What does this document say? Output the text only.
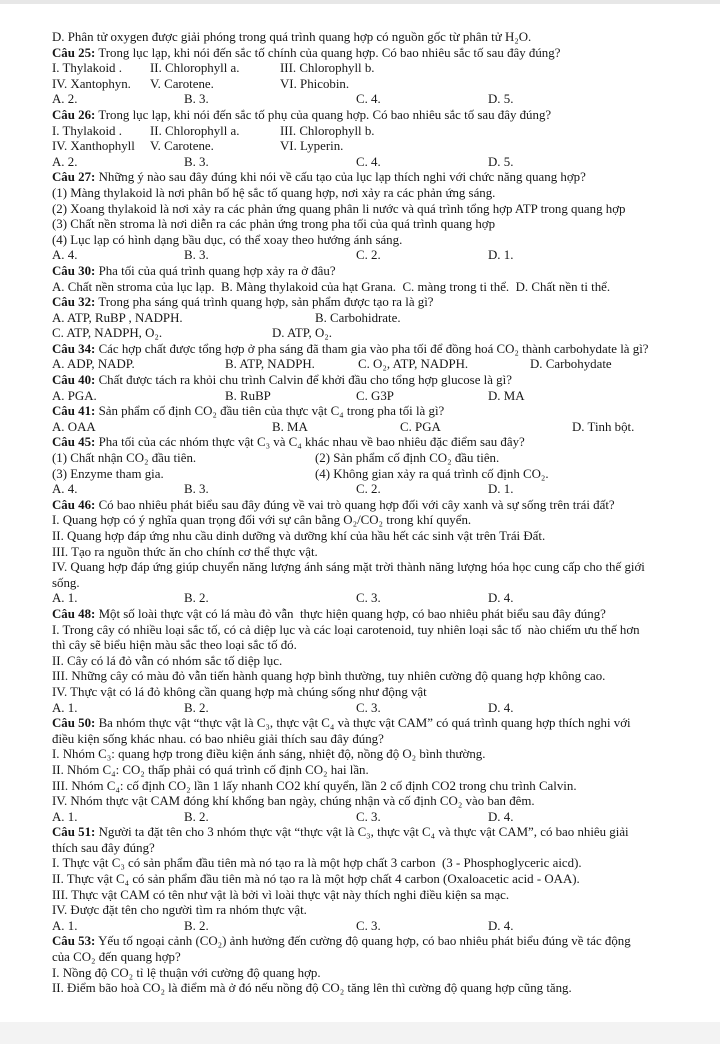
D. Phân tử oxygen được giải phóng trong quá trình quang hợp có nguồn gốc từ phân tử H₂O.
Câu 25: Trong lục lạp, khi nói đến sắc tố chính của quang hợp. Có bao nhiêu sắc tố sau đây đúng?
I. Thylakoid . II. Chlorophyll a.	III. Chlorophyll b.
IV. Xantophyn. V. Carotene.	VI. Phicobin.
A. 2.	B. 3.	C. 4.	D. 5.
Câu 26: Trong lục lạp, khi nói đến sắc tố phụ của quang hợp. Có bao nhiêu sắc tố sau đây đúng?
I. Thylakoid . II. Chlorophyll a.	III. Chlorophyll b.
IV. Xanthophyll V. Carotene.	VI. Lyperin.
A. 2.	B. 3.	C. 4.	D. 5.
Câu 27: Những ý nào sau đây đúng khi nói về cấu tạo của lục lạp thích nghi với chức năng quang hợp?
(1) Màng thylakoid là nơi phân bố hệ sắc tố quang hợp, nơi xảy ra các phản ứng sáng.
(2) Xoang thylakoid là nơi xảy ra các phản ứng quang phân li nước và quá trình tổng hợp ATP trong quang hợp
(3) Chất nền stroma là nơi diễn ra các phản ứng trong pha tối của quá trình quang hợp
(4) Lục lạp có hình dạng bầu dục, có thể xoay theo hướng ánh sáng.
A. 4.	B. 3.	C. 2.	D. 1.
Câu 30: Pha tối của quá trình quang hợp xảy ra ở đâu?
A. Chất nền stroma của lục lạp.  B. Màng thylakoid của hạt Grana.  C. màng trong ti thể.  D. Chất nền ti thể.
Câu 32: Trong pha sáng quá trình quang hợp, sản phẩm được tạo ra là gì?
A. ATP, RuBP , NADPH.	B. Carbohidrate.
C. ATP, NADPH, O₂.	D. ATP, O₂.
Câu 34: Các hợp chất được tổng hợp ở pha sáng đã tham gia vào pha tối để đồng hoá CO₂ thành carbohydate là gì?
A. ADP, NADP.	B. ATP, NADPH.	C. O₂, ATP, NADPH.	D. Carbohydate
Câu 40: Chất được tách ra khỏi chu trình Calvin để khởi đầu cho tổng hợp glucose là gì?
A. PGA.	B. RuBP	C. G3P	D. MA
Câu 41: Sản phẩm cố định CO₂ đầu tiên của thực vật C₄ trong pha tối là gì?
A. OAA	B. MA	C. PGA	D. Tinh bột.
Câu 45: Pha tối của các nhóm thực vật C₃ và C₄ khác nhau về bao nhiêu đặc điểm sau đây?
(1) Chất nhận CO₂ đầu tiên.	(2) Sản phẩm cố định CO₂ đầu tiên.
(3) Enzyme tham gia.	(4) Không gian xảy ra quá trình cố định CO₂.
A. 4.	B. 3.	C. 2.	D. 1.
Câu 46: Có bao nhiêu phát biểu sau đây đúng về vai trò quang hợp đối với cây xanh và sự sống trên trái đất?
I. Quang hợp có ý nghĩa quan trọng đối với sự cân bằng O₂/CO₂ trong khí quyển.
II. Quang hợp đáp ứng nhu cầu dinh dưỡng và dưỡng khí của hầu hết các sinh vật trên Trái Đất.
III. Tạo ra nguồn thức ăn cho chính cơ thể thực vật.
IV. Quang hợp đáp ứng giúp chuyển năng lượng ánh sáng mặt trời thành năng lượng hóa học cung cấp cho thế giới
sống.
A. 1.	B. 2.	C. 3.	D. 4.
Câu 48: Một số loài thực vật có lá màu đỏ vẫn  thực hiện quang hợp, có bao nhiêu phát biểu sau đây đúng?
I. Trong cây có nhiều loại sắc tố, có cả diệp lục và các loại carotenoid, tuy nhiên loại sắc tố  nào chiếm ưu thế hơn
thì cây sẽ biểu hiện màu sắc theo loại sắc tố đó.
II. Cây có lá đỏ vẫn có nhóm sắc tố diệp lục.
III. Những cây có màu đỏ vẫn tiến hành quang hợp bình thường, tuy nhiên cường độ quang hợp không cao.
IV. Thực vật có lá đỏ không cần quang hợp mà chúng sống như động vật
A. 1.	B. 2.	C. 3.	D. 4.
Câu 50: Ba nhóm thực vật “thực vật là C₃, thực vật C₄ và thực vật CAM” có quá trình quang hợp thích nghi với
điều kiện sống khác nhau. có bao nhiêu giải thích sau đây đúng?
I. Nhóm C₃: quang hợp trong điều kiện ánh sáng, nhiệt độ, nồng độ O₂ bình thường.
II. Nhóm C₄: CO₂ thấp phải có quá trình cố định CO₂ hai lần.
III. Nhóm C₄: cố định CO₂ lần 1 lấy nhanh CO2 khí quyển, lần 2 cố định CO2 trong chu trình Calvin.
IV. Nhóm thực vật CAM đóng khí khổng ban ngày, chúng nhận và cố định CO₂ vào ban đêm.
A. 1.	B. 2.	C. 3.	D. 4.
Câu 51: Người ta đặt tên cho 3 nhóm thực vật “thực vật là C₃, thực vật C₄ và thực vật CAM”, có bao nhiêu giải
thích sau đây đúng?
I. Thực vật C₃ có sản phẩm đầu tiên mà nó tạo ra là một hợp chất 3 carbon  (3 - Phosphoglyceric aicd).
II. Thực vật C₄ có sản phẩm đầu tiên mà nó tạo ra là một hợp chất 4 carbon (Oxaloacetic acid - OAA).
III. Thực vật CAM có tên như vật là bởi vì loài thực vật này thích nghi điều kiện sa mạc.
IV. Được đặt tên cho người tìm ra nhóm thực vật.
A. 1.	B. 2.	C. 3.	D. 4.
Câu 53: Yếu tố ngoại cảnh (CO₂) ảnh hưởng đến cường độ quang hợp, có bao nhiêu phát biểu đúng về tác động
của CO₂ đến quang hợp?
I. Nồng độ CO₂ tỉ lệ thuận với cường độ quang hợp.
II. Điểm bão hoà CO₂ là điểm mà ở đó nếu nồng độ CO₂ tăng lên thì cường độ quang hợp cũng tăng.
